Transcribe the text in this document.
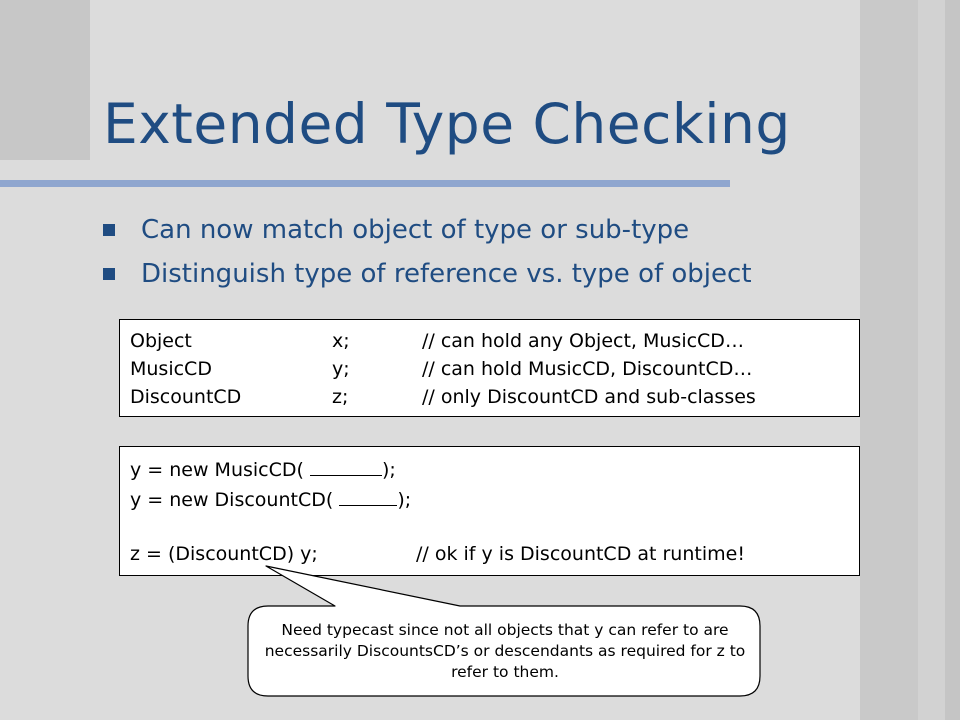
Extended Type Checking
Can now match object of type or sub-type
Distinguish type of reference vs. type of object
Object	x;	// can hold any Object, MusicCD…
MusicCD	y;	// can hold MusicCD, DiscountCD…
DiscountCD	z;	// only DiscountCD and sub-classes
y = new MusicCD(	);
y = new DiscountCD(	);
z = (DiscountCD) y;	// ok if y is DiscountCD at runtime!
Need typecast since not all objects that y can refer to are necessarily DiscountsCD’s or descendants as required for z to refer to them.
